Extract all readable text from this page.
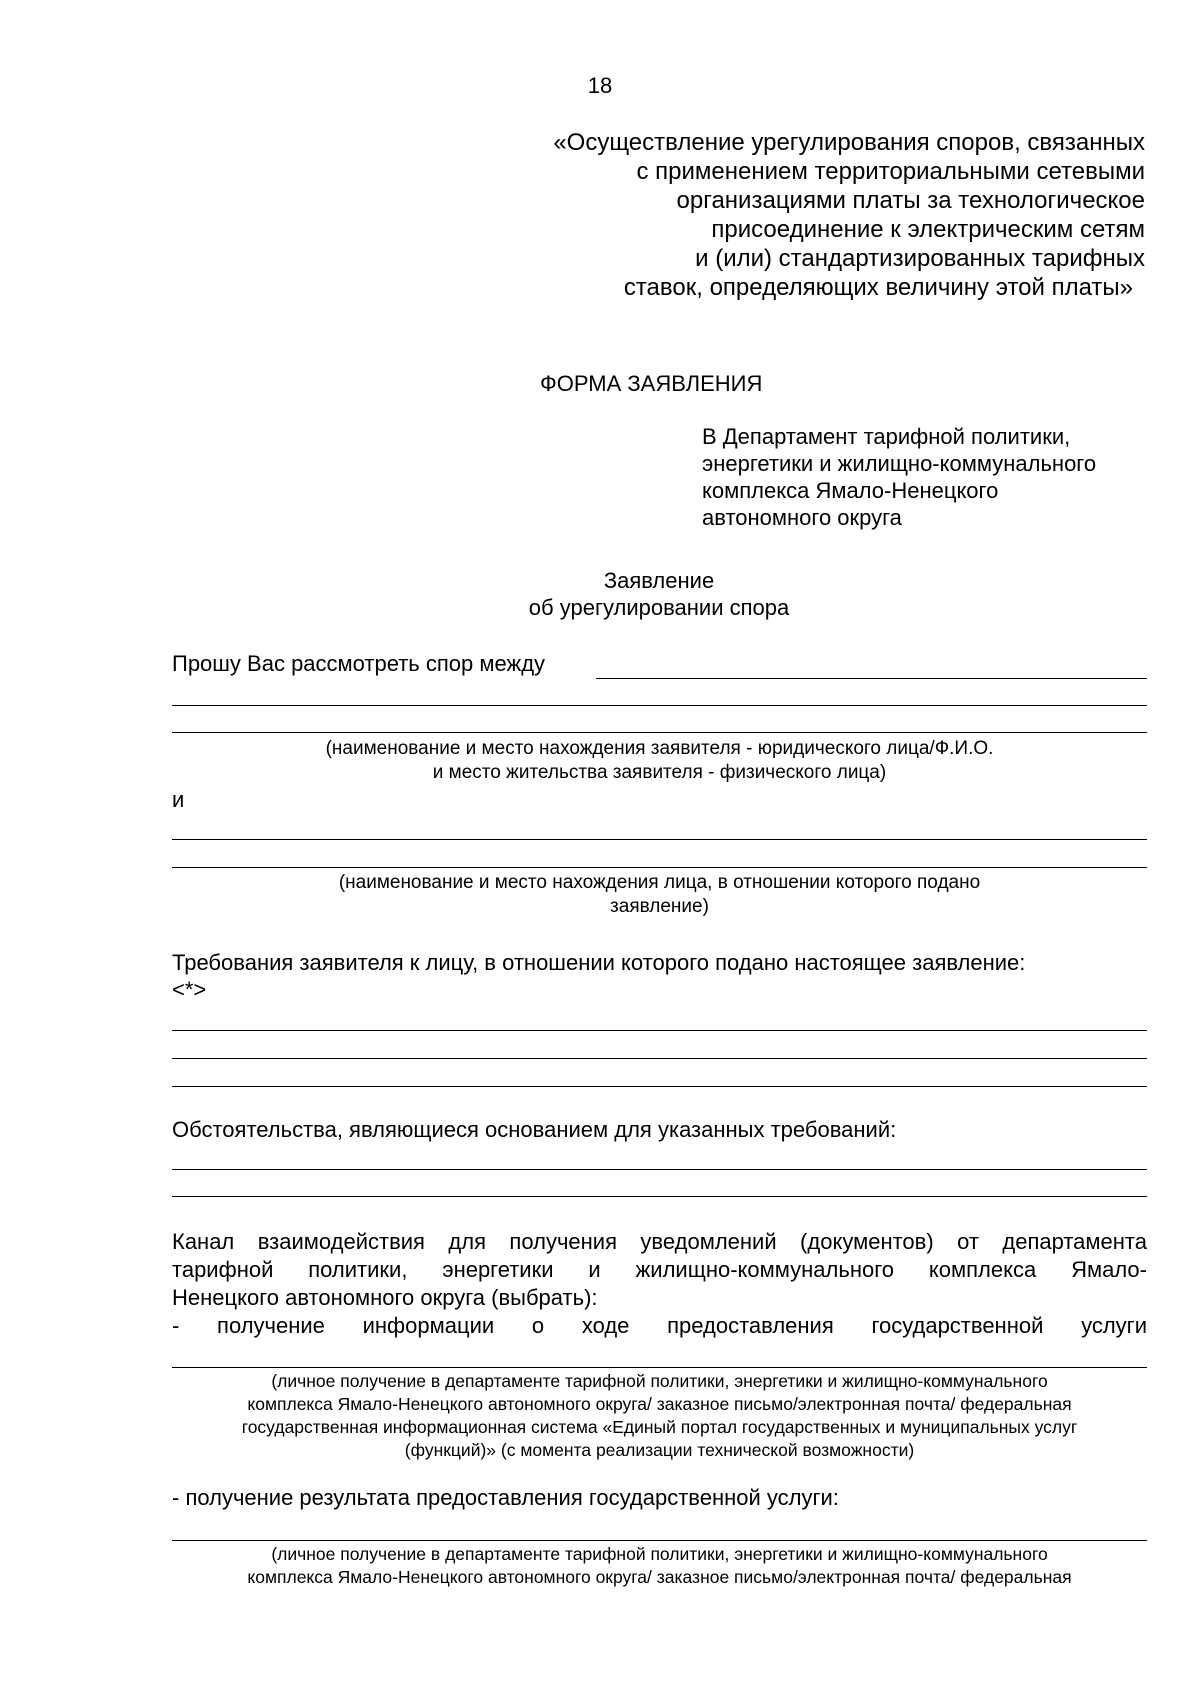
18
«Осуществление урегулирования споров, связанных
с применением территориальными сетевыми
организациями платы за технологическое
присоединение к электрическим сетям
и (или) стандартизированных тарифных
ставок, определяющих величину этой платы»
ФОРМА ЗАЯВЛЕНИЯ
В Департамент тарифной политики,
энергетики и жилищно-коммунального
комплекса Ямало-Ненецкого
автономного округа
Заявление
об урегулировании спора
Прошу Вас рассмотреть спор между
(наименование и место нахождения заявителя - юридического лица/Ф.И.О.
и место жительства заявителя - физического лица)
и
(наименование и место нахождения лица, в отношении которого подано
заявление)
Требования заявителя к лицу, в отношении которого подано настоящее заявление:
<*>
Обстоятельства, являющиеся основанием для указанных требований:
Канал взаимодействия для получения уведомлений (документов) от департамента
тарифной политики, энергетики и жилищно-коммунального комплекса Ямало-
Ненецкого автономного округа (выбрать):
- получение информации о ходе предоставления государственной услуги
(личное получение в департаменте тарифной политики, энергетики и жилищно-коммунального
комплекса Ямало-Ненецкого автономного округа/ заказное письмо/электронная почта/ федеральная
государственная информационная система «Единый портал государственных и муниципальных услуг
(функций)» (с момента реализации технической возможности)
- получение результата предоставления государственной услуги:
(личное получение в департаменте тарифной политики, энергетики и жилищно-коммунального
комплекса Ямало-Ненецкого автономного округа/ заказное письмо/электронная почта/ федеральная
